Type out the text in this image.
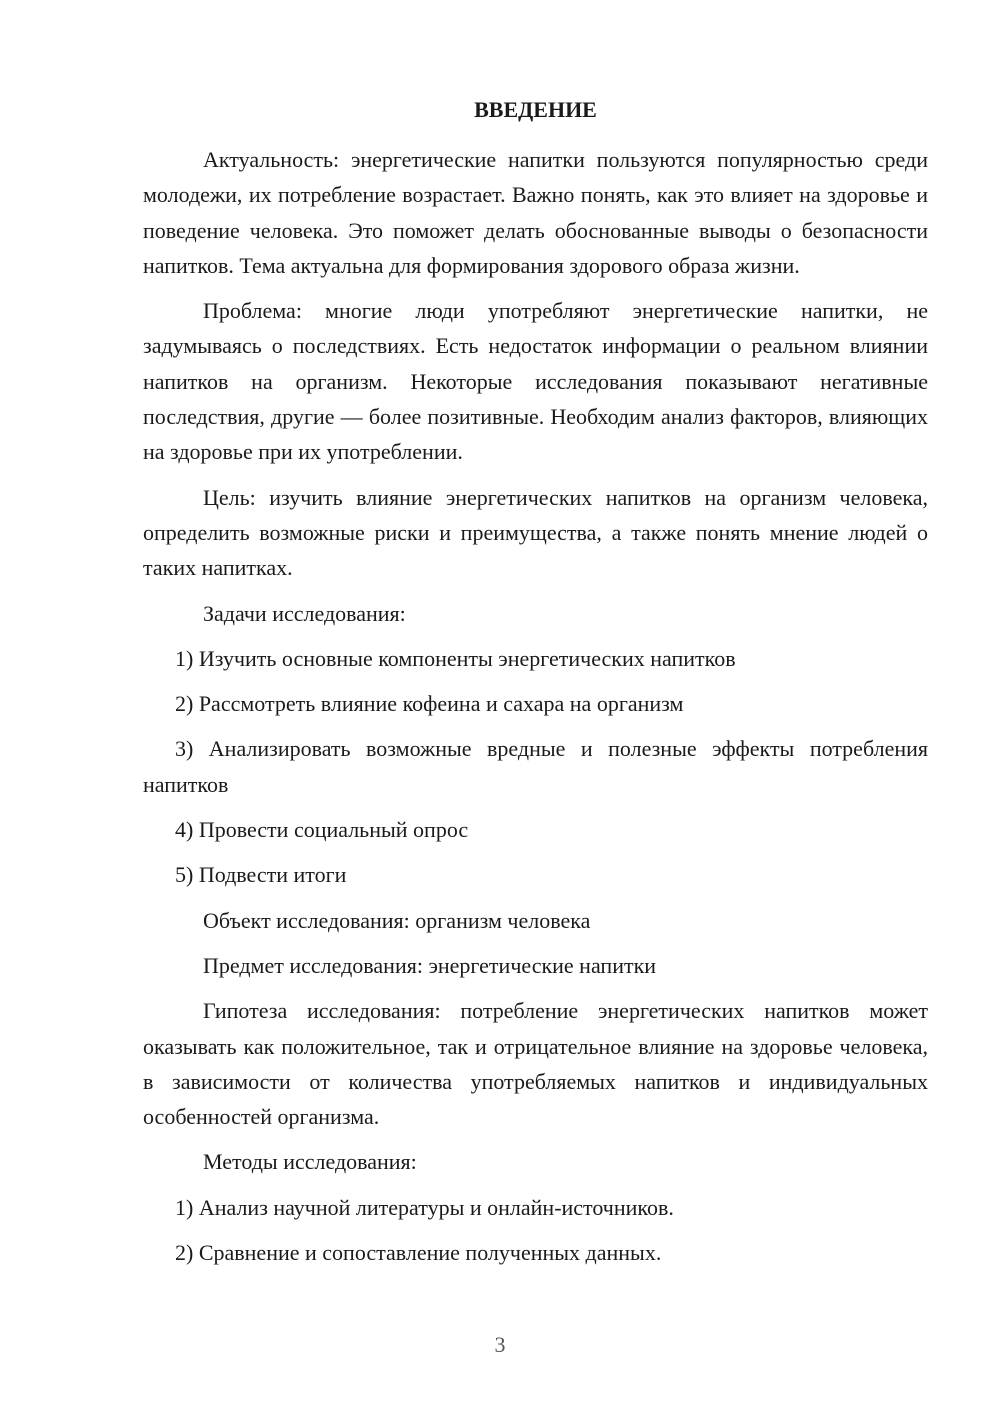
ВВЕДЕНИЕ

Актуальность: энергетические напитки пользуются популярностью среди молодежи, их потребление возрастает. Важно понять, как это влияет на здоровье и поведение человека. Это поможет делать обоснованные выводы о безопасности напитков. Тема актуальна для формирования здорового образа жизни.

Проблема: многие люди употребляют энергетические напитки, не задумываясь о последствиях. Есть недостаток информации о реальном влиянии напитков на организм. Некоторые исследования показывают негативные последствия, другие — более позитивные. Необходим анализ факторов, влияющих на здоровье при их употреблении.

Цель: изучить влияние энергетических напитков на организм человека, определить возможные риски и преимущества, а также понять мнение людей о таких напитках.

Задачи исследования:

1) Изучить основные компоненты энергетических напитков

2) Рассмотреть влияние кофеина и сахара на организм

3) Анализировать возможные вредные и полезные эффекты потребления напитков

4) Провести социальный опрос

5) Подвести итоги

Объект исследования: организм человека

Предмет исследования: энергетические напитки

Гипотеза исследования: потребление энергетических напитков может оказывать как положительное, так и отрицательное влияние на здоровье человека, в зависимости от количества употребляемых напитков и индивидуальных особенностей организма.

Методы исследования:

1) Анализ научной литературы и онлайн-источников.

2) Сравнение и сопоставление полученных данных.

3
